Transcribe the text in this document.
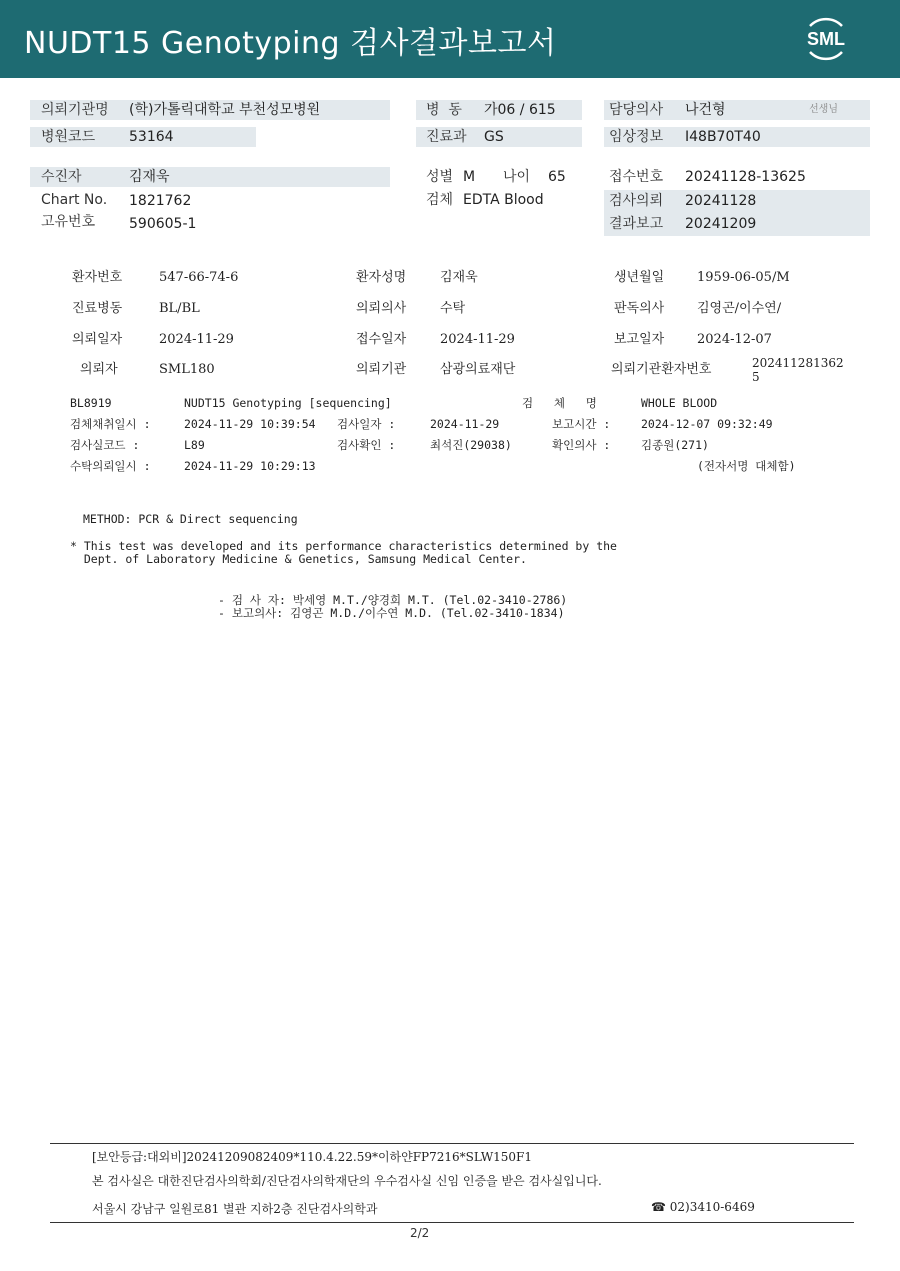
NUDT15 Genotyping 검사결과보고서	SML
의뢰기관명 (학)가톨릭대학교 부천성모병원
병원코드 53164
병  동 가06 / 615
진료과 GS
담당의사 나건형	선생님
임상정보 I48B70T40
수진자	김재욱
Chart No. 1821762
고유번호 590605-1
성별 M 나이 65
검체 EDTA Blood
접수번호 20241128-13625
검사의뢰 20241128
결과보고 20241209
환자번호	547-66-74-6	환자성명	김재욱	생년월일	1959-06-05/M
진료병동	BL/BL	의뢰의사	수탁	판독의사	김영곤/이수연/
의뢰일자	2024-11-29	접수일자	2024-11-29	보고일자	2024-12-07
의뢰자	SML180	의뢰기관	삼광의료재단	의뢰기관환자번호	202411281362
5
BL8919	NUDT15 Genotyping [sequencing]	검   체   명	WHOLE BLOOD
검체채취일시 :	2024-11-29 10:39:54 검사일자 :	2024-11-29	보고시간 :	2024-12-07 09:32:49
검사실코드 :	L89	검사확인 :	최석진(29038)	확인의사 :	김종원(271)
수탁의뢰일시 :	2024-11-29 10:29:13	(전자서명 대체함)
METHOD: PCR & Direct sequencing
* This test was developed and its performance characteristics determined by the
Dept. of Laboratory Medicine & Genetics, Samsung Medical Center.
- 검 사 자: 박세영 M.T./양경희 M.T. (Tel.02-3410-2786)
- 보고의사: 김영곤 M.D./이수연 M.D. (Tel.02-3410-1834)
[보안등급:대외비]20241209082409*110.4.22.59*이하얀FP7216*SLW150F1
본 검사실은 대한진단검사의학회/진단검사의학재단의 우수검사실 신임 인증을 받은 검사실입니다.
서울시 강남구 일원로81 별관 지하2층 진단검사의학과	☎ 02)3410-6469
2/2
